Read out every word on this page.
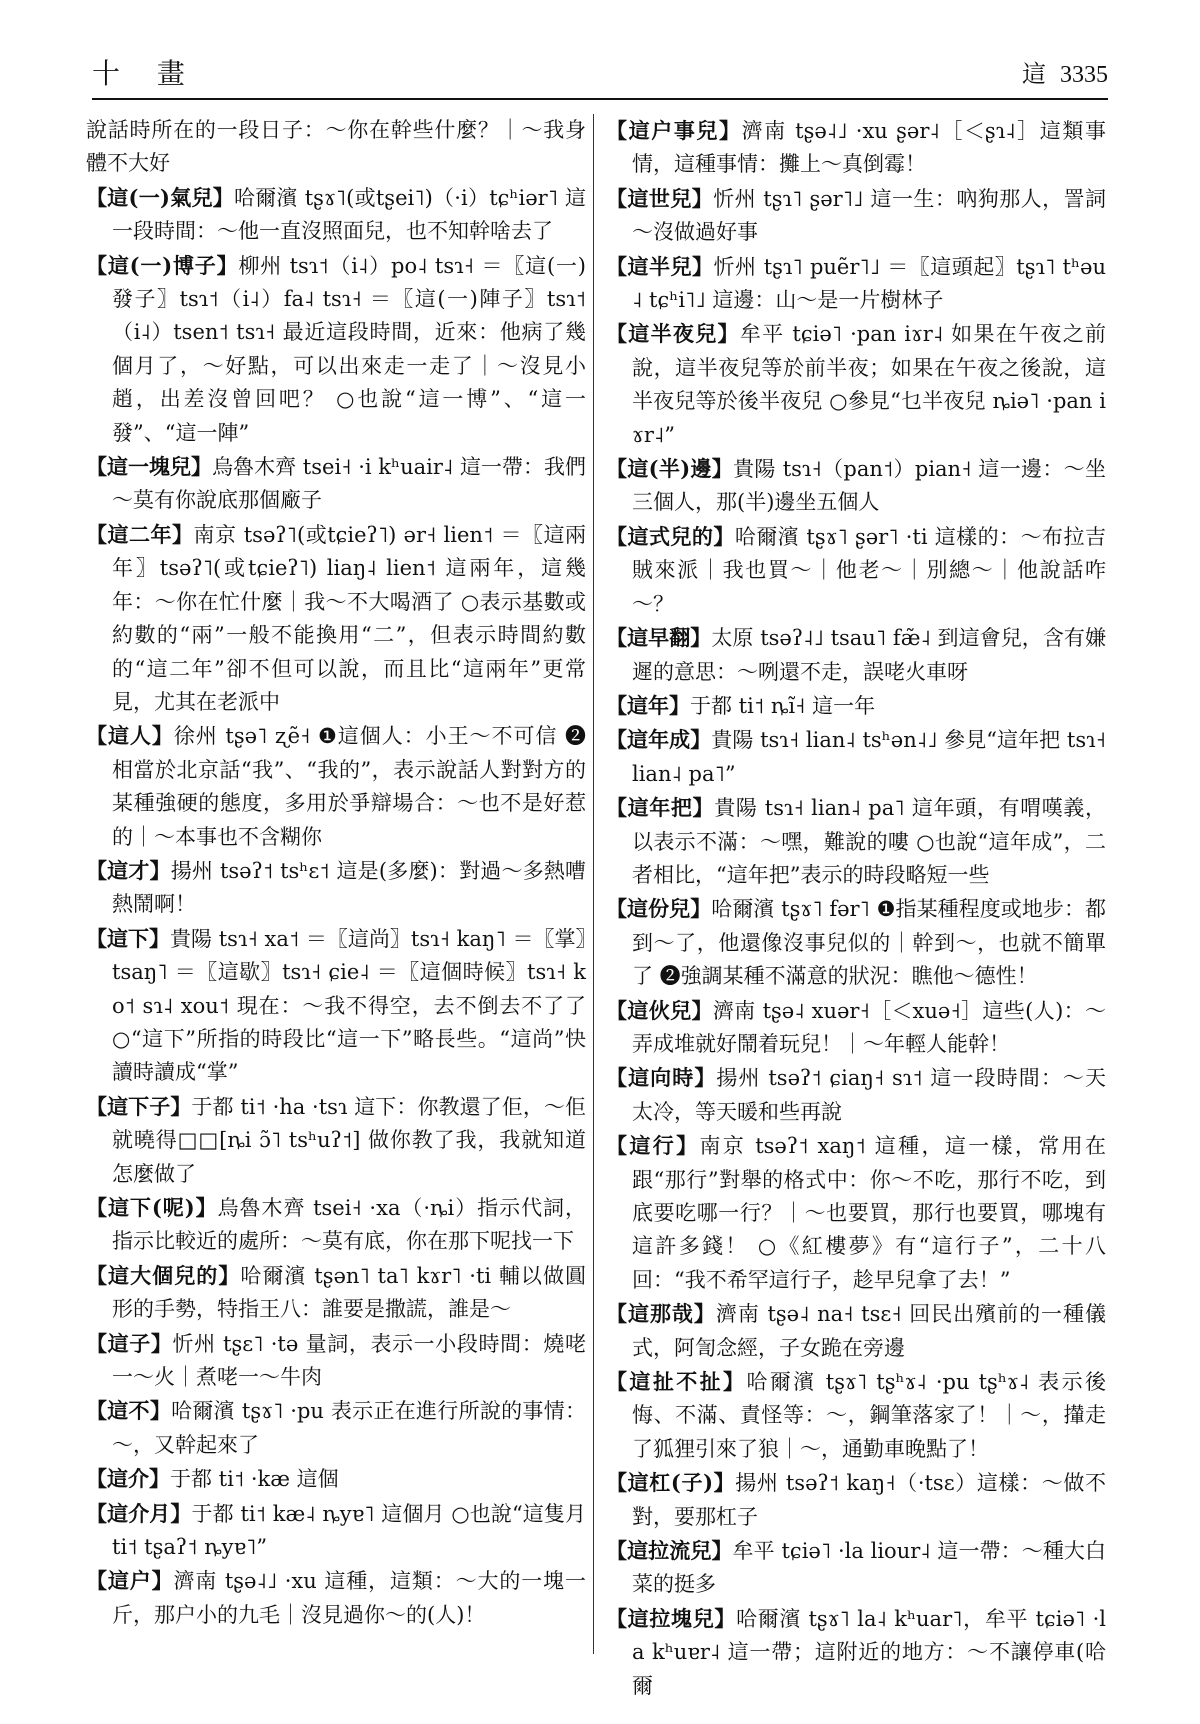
十 畫	這 3335

說話時所在的一段日子：～你在幹些什麼？｜～我身體不大好

【這(一)氣兒】哈爾濱 tʂɤ˥(或tʂei˥)（·i）tɕʰiər˥ 這一段時間：～他一直沒照面兒，也不知幹啥去了

【這(一)博子】柳州 tsɿ˦（i˨）po˨ tsɿ˧ ＝〖這(一)發子〗tsɿ˦（i˨）fa˨ tsɿ˧ ＝〖這(一)陣子〗tsɿ˦（i˨）tsen˦ tsɿ˧ 最近這段時間，近來：他病了幾個月了，～好點，可以出來走一走了｜～沒見小趙，出差沒曾回吧？ ○也說“這一博”、“這一發”、“這一陣”

【這一塊兒】烏魯木齊 tsei˧ ·i kʰuair˨ 這一帶：我們～莫有你說底那個廠子

【這二年】南京 tsəʔ˥(或tɕieʔ˥) ər˧ lien˦ ＝〖這兩年〗tsəʔ˥(或tɕieʔ˥) liaŋ˨ lien˦ 這兩年，這幾年：～你在忙什麼｜我～不大喝酒了 ○表示基數或約數的“兩”一般不能換用“二”，但表示時間約數的“這二年”卻不但可以說，而且比“這兩年”更常見，尤其在老派中

【這人】徐州 tʂə˥ ʐẽ˧ ❶這個人：小王～不可信 ❷相當於北京話“我”、“我的”，表示說話人對對方的某種強硬的態度，多用於爭辯場合：～也不是好惹的｜～本事也不含糊你

【這才】揚州 tsəʔ˦ tsʰɛ˦ 這是(多麼)：對過～多熱嘈熱鬧啊！

【這下】貴陽 tsɿ˧ xa˦ ＝〖這尚〗tsɿ˧ kaŋ˥ ＝〖掌〗tsaŋ˥ ＝〖這歇〗tsɿ˧ ɕie˨ ＝〖這個時候〗tsɿ˧ ko˦ sɿ˨ xou˦ 現在：～我不得空，去不倒去不了了 ○“這下”所指的時段比“這一下”略長些。“這尚”快讀時讀成“掌”

【這下子】于都 ti˦ ·ha ·tsɿ 這下：你教還了佢，～佢就曉得□□[ȵi ɔ̃˥ tsʰuʔ˦] 做你教了我，我就知道怎麼做了

【這下(呢)】烏魯木齊 tsei˧ ·xa（·ȵi）指示代詞，指示比較近的處所：～莫有底，你在那下呢找一下

【這大個兒的】哈爾濱 tʂən˥ ta˥ kɤr˥ ·ti 輔以做圓形的手勢，特指王八：誰要是撒謊，誰是～

【這子】忻州 tʂɛ˥ ·tə 量詞，表示一小段時間：燒咾一～火｜煮咾一～牛肉

【這不】哈爾濱 tʂɤ˥ ·pu 表示正在進行所說的事情：～，又幹起來了

【這介】于都 ti˦ ·kæ 這個

【這介月】于都 ti˦ kæ˨ ȵyɐ˥ 這個月 ○也說“這隻月 ti˦ tʂaʔ˦ ȵyɐ˥”

【這户】濟南 tʂə˨˩ ·xu 這種，這類：～大的一塊一斤，那户小的九毛｜沒見過你～的(人)！

【這户事兒】濟南 tʂə˨˩ ·xu ʂər˨［＜ʂɿ˨］這類事情，這種事情：攤上～真倒霉！

【這世兒】忻州 tʂɿ˥ ʂər˥˩ 這一生：吶狗那人，詈詞～沒做過好事

【這半兒】忻州 tʂɿ˥ puẽr˥˩ ＝〖這頭起〗tʂɿ˥ tʰəu˨ tɕʰi˥˩ 這邊：山～是一片樹林子

【這半夜兒】牟平 tɕiə˥ ·pan iɤr˨ 如果在午夜之前說，這半夜兒等於前半夜；如果在午夜之後說，這半夜兒等於後半夜兒 ○參見“乜半夜兒 ȵiə˥ ·pan iɤr˨”

【這(半)邊】貴陽 tsɿ˧（pan˦）pian˧ 這一邊：～坐三個人，那(半)邊坐五個人

【這式兒的】哈爾濱 tʂɤ˥ ʂər˥ ·ti 這樣的：～布拉吉賊來派｜我也買～｜他老～｜別總～｜他說話咋～？

【這早翻】太原 tsəʔ˨˩ tsau˥ fæ̃˨ 到這會兒，含有嫌遲的意思：～咧還不走，誤咾火車呀

【這年】于都 ti˦ ȵĩ˧ 這一年

【這年成】貴陽 tsɿ˧ lian˨ tsʰən˨˩ 參見“這年把 tsɿ˧ lian˨ pa˥”

【這年把】貴陽 tsɿ˧ lian˨ pa˥ 這年頭，有喟嘆義，以表示不滿：～嘿，難說的嘍 ○也說“這年成”，二者相比，“這年把”表示的時段略短一些

【這份兒】哈爾濱 tʂɤ˥ fər˥ ❶指某種程度或地步：都到～了，他還像沒事兒似的｜幹到～，也就不簡單了 ❷強調某種不滿意的狀況：瞧他～德性！

【這伙兒】濟南 tʂə˨ xuər˧［＜xuə˧］這些(人)：～弄成堆就好鬧着玩兒！｜～年輕人能幹！

【這向時】揚州 tsəʔ˦ ɕiaŋ˧ sɿ˦ 這一段時間：～天太冷，等天暖和些再說

【這行】南京 tsəʔ˦ xaŋ˦ 這種，這一樣，常用在跟“那行”對舉的格式中：你～不吃，那行不吃，到底要吃哪一行？｜～也要買，那行也要買，哪塊有這許多錢！ ○《紅樓夢》有“這行子”，二十八回：“我不希罕這行子，趁早兒拿了去！”

【這那哉】濟南 tʂə˨ na˧ tsɛ˧ 回民出殯前的一種儀式，阿訇念經，子女跪在旁邊

【這扯不扯】哈爾濱 tʂɤ˥ tʂʰɤ˨ ·pu tʂʰɤ˨ 表示後悔、不滿、責怪等：～，鋼筆落家了！｜～，攆走了狐狸引來了狼｜～，通勤車晚點了！

【這杠(子)】揚州 tsəʔ˦ kaŋ˧（·tsɛ）這樣：～做不對，要那杠子

【這拉流兒】牟平 tɕiə˥ ·la liour˨ 這一帶：～種大白菜的挺多

【這拉塊兒】哈爾濱 tʂɤ˥ la˨ kʰuar˥，牟平 tɕiə˥ ·la kʰuɐr˨ 這一帶；這附近的地方：～不讓停車(哈爾
